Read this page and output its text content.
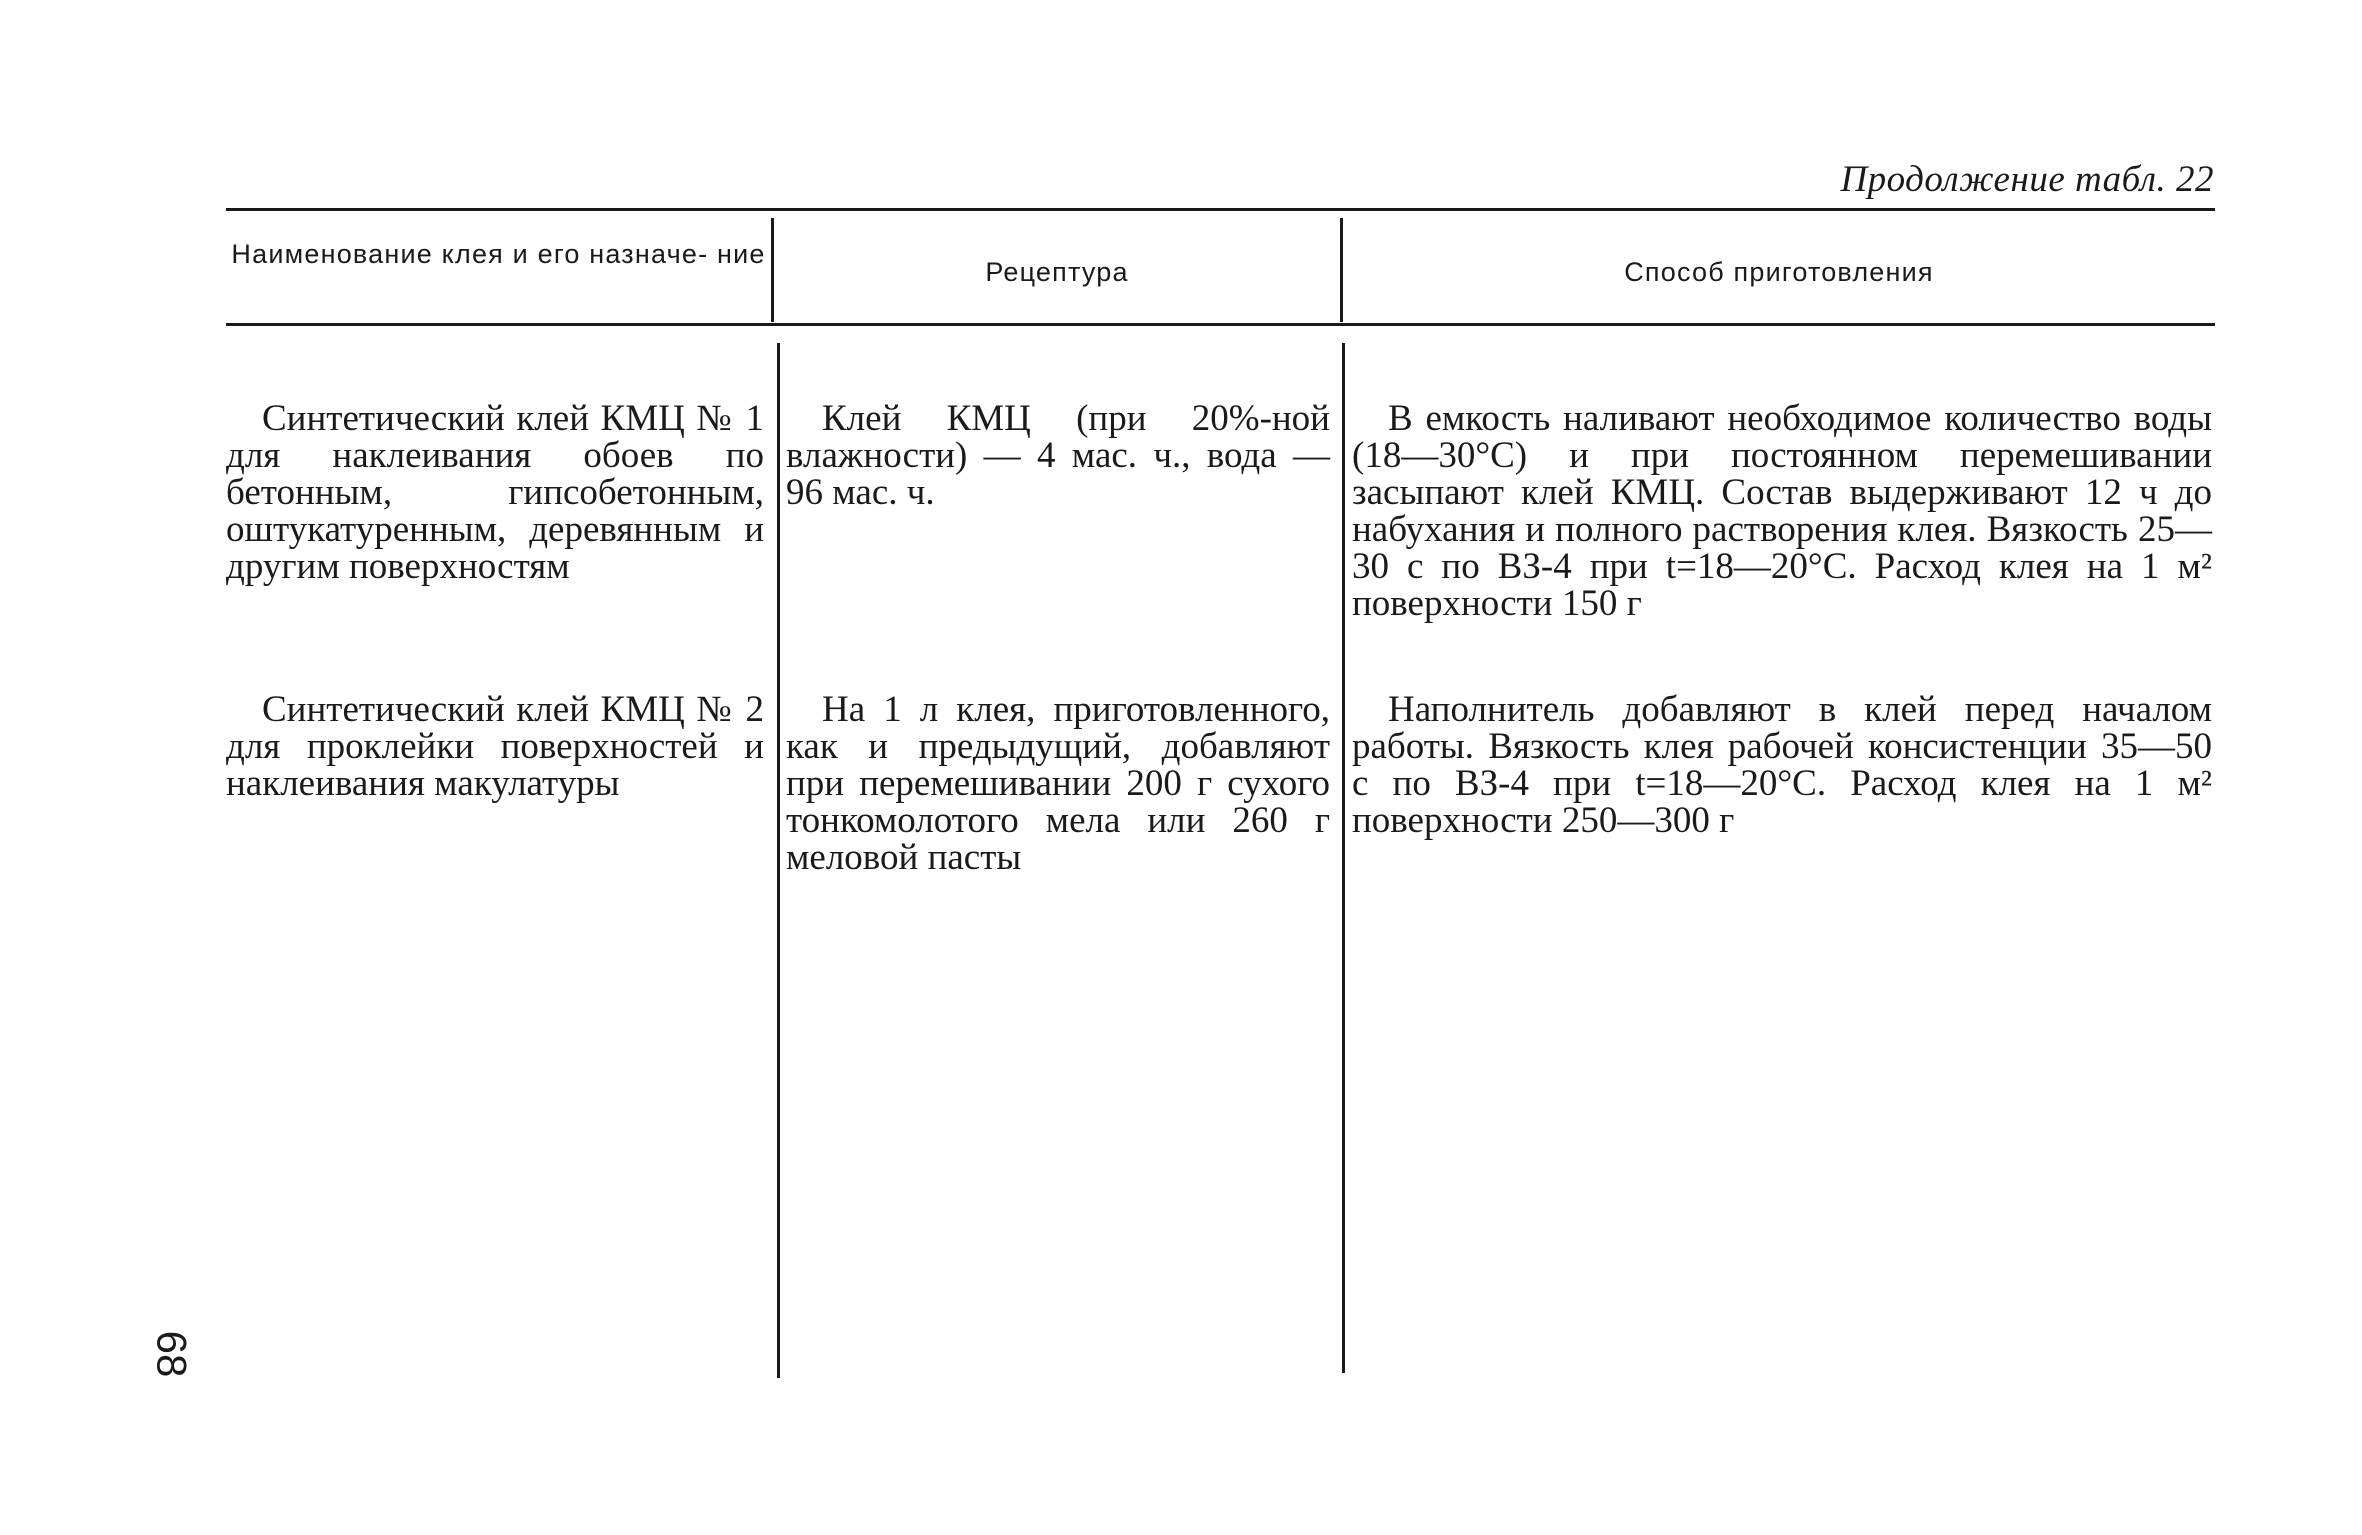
Продолжение табл. 22
Наименование клея и его назначе- ние
Рецептура	Способ приготовления
Синтетический клей КМЦ № 1 для наклеивания обоев по бетонным, гипсобетонным, оштукатуренным, деревянным и другим поверхностям
Клей КМЦ (при 20%-ной влажности) — 4 мас. ч., вода — 96 мас. ч.
В емкость наливают необходимое количество воды (18—30°С) и при постоянном перемешивании засыпают клей КМЦ. Состав выдерживают 12 ч до набухания и полного растворения клея. Вязкость 25—30 с по ВЗ-4 при t=18—20°С. Расход клея на 1 м² поверхности 150 г
Синтетический клей КМЦ № 2 для проклейки поверхностей и наклеивания макулатуры
На 1 л клея, приготовленного, как и предыдущий, добавляют при перемешивании 200 г сухого тонкомолотого мела или 260 г меловой пасты
Наполнитель добавляют в клей перед началом работы. Вязкость клея рабочей консистенции 35—50 с по ВЗ-4 при t=18—20°С. Расход клея на 1 м² поверхности 250—300 г
68
